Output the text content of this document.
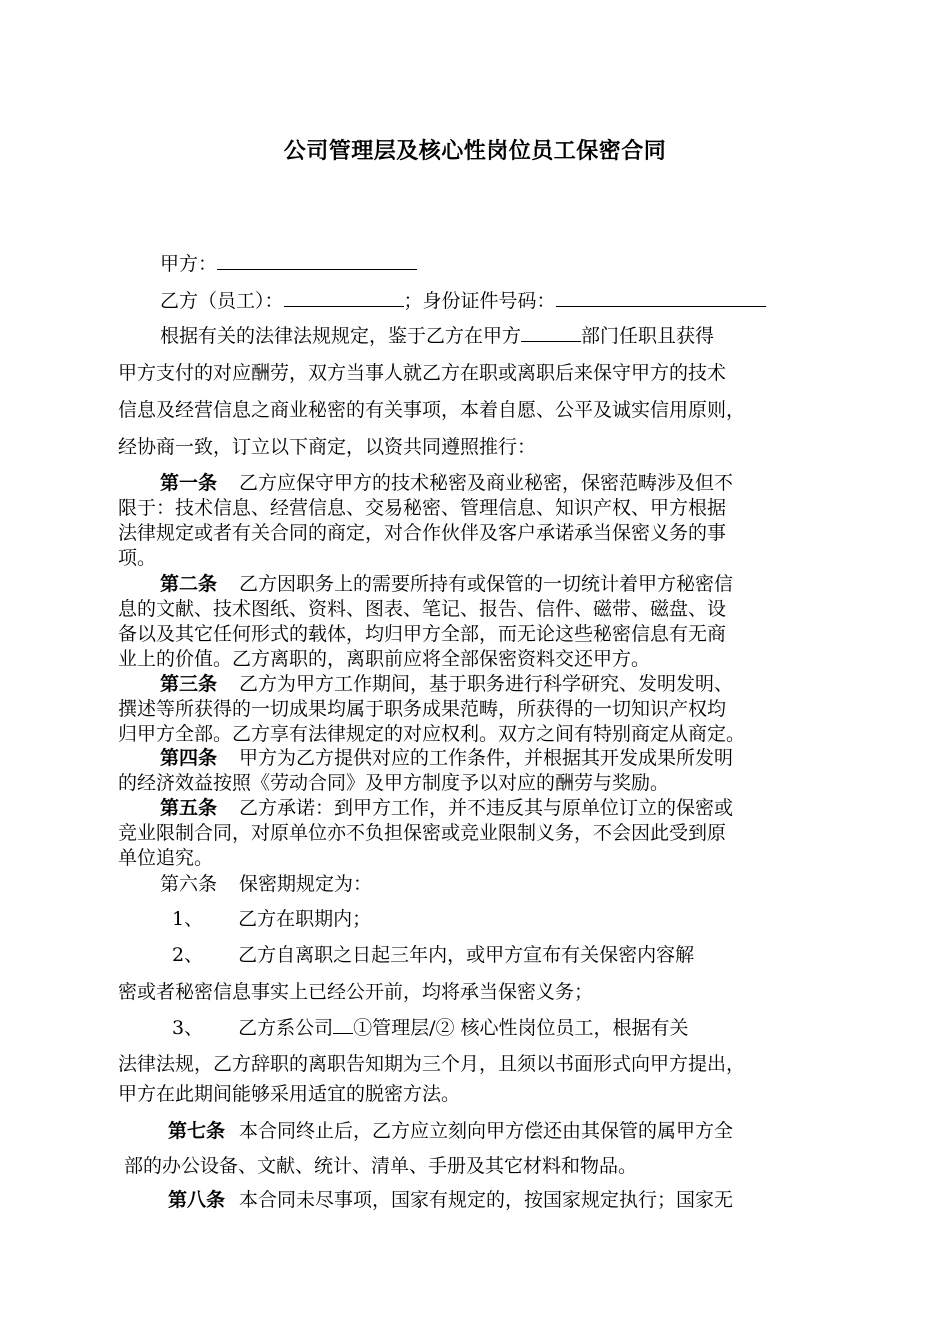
公司管理层及核心性岗位员工保密合同
甲方：
乙方（员工）：	；身份证件号码：
根据有关的法律法规规定，鉴于乙方在甲方	部门任职且获得
甲方支付的对应酬劳，双方当事人就乙方在职或离职后来保守甲方的技术
信息及经营信息之商业秘密的有关事项，本着自愿、公平及诚实信用原则，
经协商一致，订立以下商定，以资共同遵照推行：
第一条 乙方应保守甲方的技术秘密及商业秘密，保密范畴涉及但不
限于：技术信息、经营信息、交易秘密、管理信息、知识产权、甲方根据
法律规定或者有关合同的商定，对合作伙伴及客户承诺承当保密义务的事
项。
第二条 乙方因职务上的需要所持有或保管的一切统计着甲方秘密信
息的文献、技术图纸、资料、图表、笔记、报告、信件、磁带、磁盘、设
备以及其它任何形式的载体，均归甲方全部，而无论这些秘密信息有无商
业上的价值。乙方离职的，离职前应将全部保密资料交还甲方。
第三条 乙方为甲方工作期间，基于职务进行科学研究、发明发明、
撰述等所获得的一切成果均属于职务成果范畴，所获得的一切知识产权均
归甲方全部。乙方享有法律规定的对应权利。双方之间有特别商定从商定。
第四条 甲方为乙方提供对应的工作条件，并根据其开发成果所发明
的经济效益按照《劳动合同》及甲方制度予以对应的酬劳与奖励。
第五条 乙方承诺：到甲方工作，并不违反其与原单位订立的保密或
竞业限制合同，对原单位亦不负担保密或竞业限制义务，不会因此受到原
单位追究。
第六条 保密期规定为：
1、 乙方在职期内；
2、 乙方自离职之日起三年内，或甲方宣布有关保密内容解
密或者秘密信息事实上已经公开前，均将承当保密义务；
3、 乙方系公司 ①管理层/② 核心性岗位员工，根据有关
法律法规，乙方辞职的离职告知期为三个月，且须以书面形式向甲方提出，
甲方在此期间能够采用适宜的脱密方法。
第七条 本合同终止后，乙方应立刻向甲方偿还由其保管的属甲方全
部的办公设备、文献、统计、清单、手册及其它材料和物品。
第八条 本合同未尽事项，国家有规定的，按国家规定执行；国家无
